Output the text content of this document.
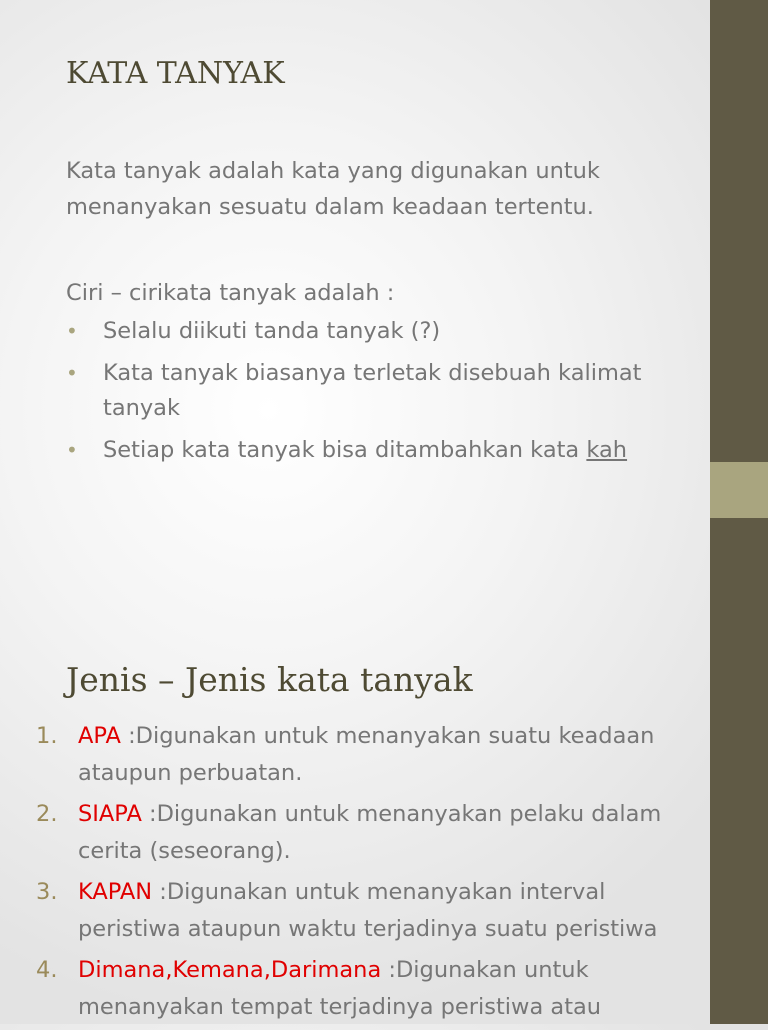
KATA TANYAK

Kata tanyak adalah kata yang digunakan untuk menanyakan sesuatu dalam keadaan tertentu.

Ciri – cirikata tanyak adalah :

• Selalu diikuti tanda tanyak (?)
• Kata tanyak biasanya terletak disebuah kalimat tanyak
• Setiap kata tanyak bisa ditambahkan kata kah
Jenis – Jenis kata tanyak
1. APA :Digunakan untuk menanyakan suatu keadaan ataupun perbuatan.
2. SIAPA :Digunakan untuk menanyakan pelaku dalam cerita (seseorang).
3. KAPAN :Digunakan untuk menanyakan interval peristiwa ataupun waktu terjadinya suatu peristiwa
4. Dimana,Kemana,Darimana :Digunakan untuk menanyakan tempat terjadinya peristiwa atau
